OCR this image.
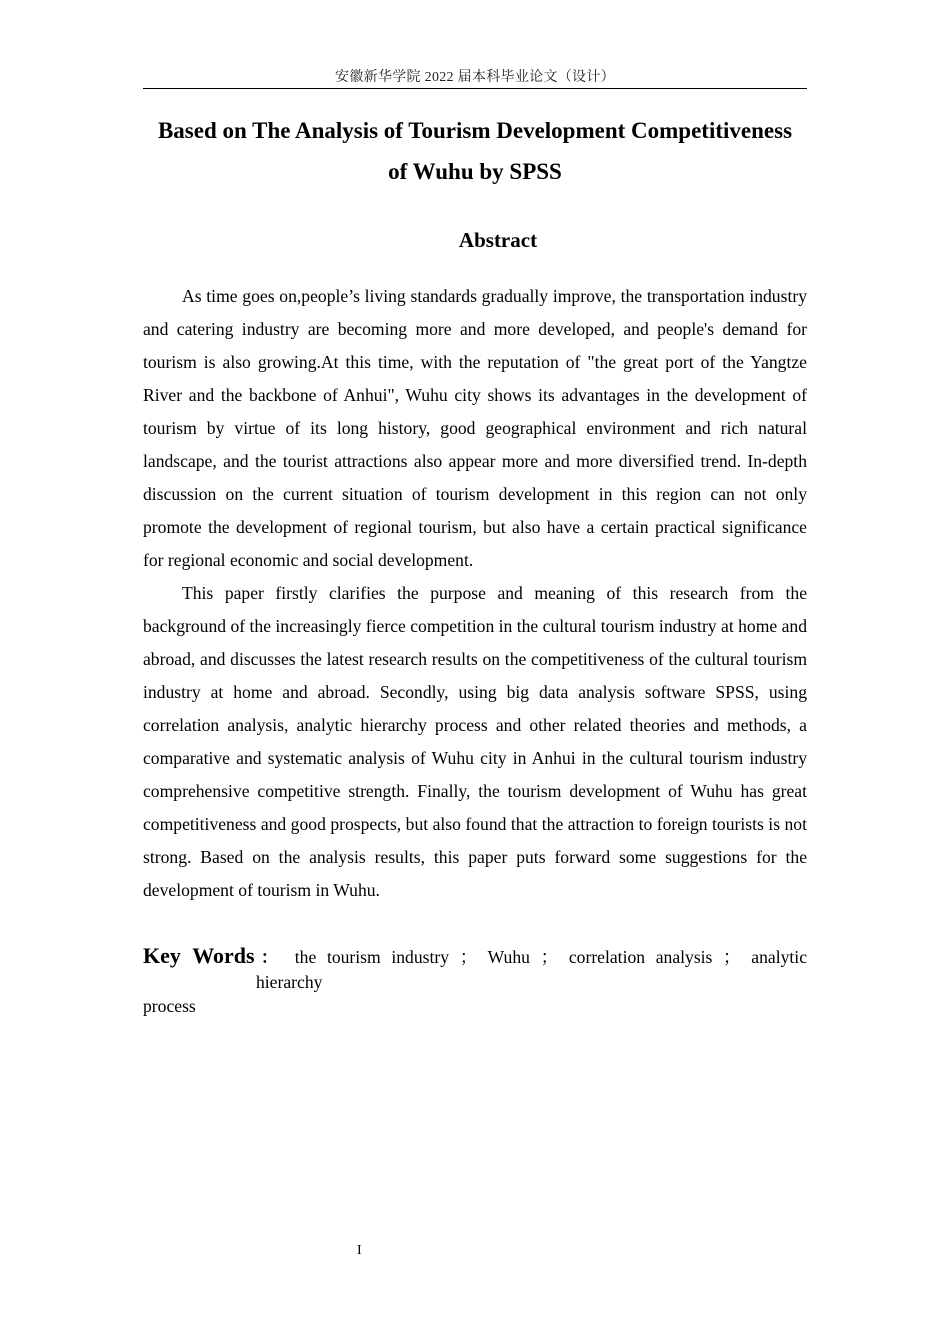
安徽新华学院 2022 届本科毕业论文（设计）
Based on The Analysis of Tourism Development Competitiveness
of Wuhu by SPSS
Abstract

As time goes on,people’s living standards gradually improve, the transportation industry and catering industry are becoming more and more developed, and people's demand for tourism is also growing.At this time, with the reputation of "the great port of the Yangtze River and the backbone of Anhui", Wuhu city shows its advantages in the development of tourism by virtue of its long history, good geographical environment and rich natural landscape, and the tourist attractions also appear more and more diversified trend. In-depth discussion on the current situation of tourism development in this region can not only promote the development of regional tourism, but also have a certain practical significance for regional economic and social development.

This paper firstly clarifies the purpose and meaning of this research from the background of the increasingly fierce competition in the cultural tourism industry at home and abroad, and discusses the latest research results on the competitiveness of the cultural tourism industry at home and abroad. Secondly, using big data analysis software SPSS, using correlation analysis, analytic hierarchy process and other related theories and methods, a comparative and systematic analysis of Wuhu city in Anhui in the cultural tourism industry comprehensive competitive strength. Finally, the tourism development of Wuhu has great competitiveness and good prospects, but also found that the attraction to foreign tourists is not strong. Based on the analysis results, this paper puts forward some suggestions for the development of tourism in Wuhu.

Key Words： the tourism industry ； Wuhu ； correlation analysis ； analytic
hierarchy
process
I
